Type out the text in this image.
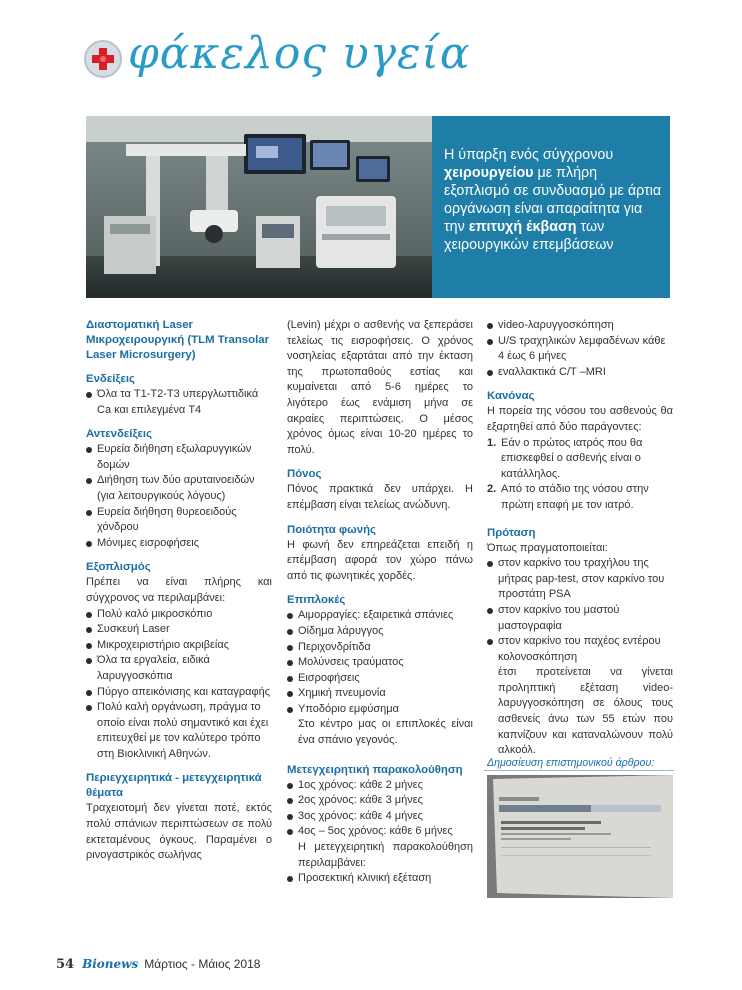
φάκελος υγεία

Η ύπαρξη ενός σύγχρονου χειρουργείου με πλήρη εξοπλισμό σε συνδυασμό με άρτια οργάνωση είναι απαραίτητα για την επιτυχή έκβαση των χειρουργικών επεμβάσεων

Διαστοματική Laser Μικροχειρουργική (TLM Transolar Laser Microsurgery)

Ενδείξεις

Όλα τα T1-T2-T3 υπεργλωττιδικά Ca και επιλεγμένα T4

Αντενδείξεις

Ευρεία διήθηση εξωλαρυγγικών δομών

Διήθηση των δύο αρυταινοειδών (για λειτουργικούς λόγους)

Ευρεία διήθηση θυρεοειδούς χόνδρου

Μόνιμες εισροφήσεις

Εξοπλισμός

Πρέπει να είναι πλήρης και σύγχρονος να περιλαμβάνει:

Πολύ καλό μικροσκόπιο

Συσκευή Laser

Μικροχειριστήριο ακριβείας

Όλα τα εργαλεία, ειδικά λαρυγγοσκόπια

Πύργο απεικόνισης και καταγραφής

Πολύ καλή οργάνωση, πράγμα το οποίο είναι πολύ σημαντικό και έχει επιτευχθεί με τον καλύτερο τρόπο στη Βιοκλινική Αθηνών.

Περιεγχειρητικά - μετεγχειρητικά θέματα

Τραχειοτομή δεν γίνεται ποτέ, εκτός πολύ σπάνιων περιπτώσεων σε πολύ εκτεταμένους όγκους. Παραμένει ο ρινογαστρικός σωλήνας

(Levin) μέχρι ο ασθενής να ξεπεράσει τελείως τις εισροφήσεις. Ο χρόνος νοσηλείας εξαρτάται από την έκταση της πρωτοπαθούς εστίας και κυμαίνεται από 5-6 ημέρες το λιγότερο έως ενάμιση μήνα σε ακραίες περιπτώσεις. Ο μέσος χρόνος όμως είναι 10-20 ημέρες το πολύ.

Πόνος

Πόνος πρακτικά δεν υπάρχει. Η επέμβαση είναι τελείως ανώδυνη.

Ποιότητα φωνής

Η φωνή δεν επηρεάζεται επειδή η επέμβαση αφορά τον χώρο πάνω από τις φωνητικές χορδές.

Επιπλοκές

Αιμορραγίες: εξαιρετικά σπάνιες

Οίδημα λάρυγγος

Περιχονδρίτιδα

Μολύνσεις τραύματος

Εισροφήσεις

Χημική πνευμονία

Υποδόριο εμφύσημα

Στο κέντρο μας οι επιπλοκές είναι ένα σπάνιο γεγονός.

Μετεγχειρητική παρακολούθηση

1ος χρόνος: κάθε 2 μήνες

2ος χρόνος: κάθε 3 μήνες

3ος χρόνος: κάθε 4 μήνες

4ος – 5ος χρόνος: κάθε 6 μήνες

Η μετεγχειρητική παρακολούθηση περιλαμβάνει:

Προσεκτική κλινική εξέταση

video-λαρυγγοσκόπηση

U/S τραχηλικών λεμφαδένων κάθε 4 έως 6 μήνες

εναλλακτικά C/T –MRI

Κανόνας

Η πορεία της νόσου του ασθενούς θα εξαρτηθεί από δύο παράγοντες:

1. Εάν ο πρώτος ιατρός που θα επισκεφθεί ο ασθενής είναι ο κατάλληλος.

2. Από το στάδιο της νόσου στην πρώτη επαφή με τον ιατρό.

Πρόταση

Όπως πραγματοποιείται:

στον καρκίνο του τραχήλου της μήτρας pap-test, στον καρκίνο του προστάτη PSA

στον καρκίνο του μαστού μαστογραφία

στον καρκίνο του παχέος εντέρου κολονοσκόπηση

έτσι προτείνεται να γίνεται προληπτική εξέταση video-λαρυγγοσκόπηση σε όλους τους ασθενείς άνω των 55 ετών που καπνίζουν και καταναλώνουν πολύ αλκοόλ.

Δημοσίευση επιστημονικού άρθρου:
54 Bionews Μάρτιος - Μάιος 2018
